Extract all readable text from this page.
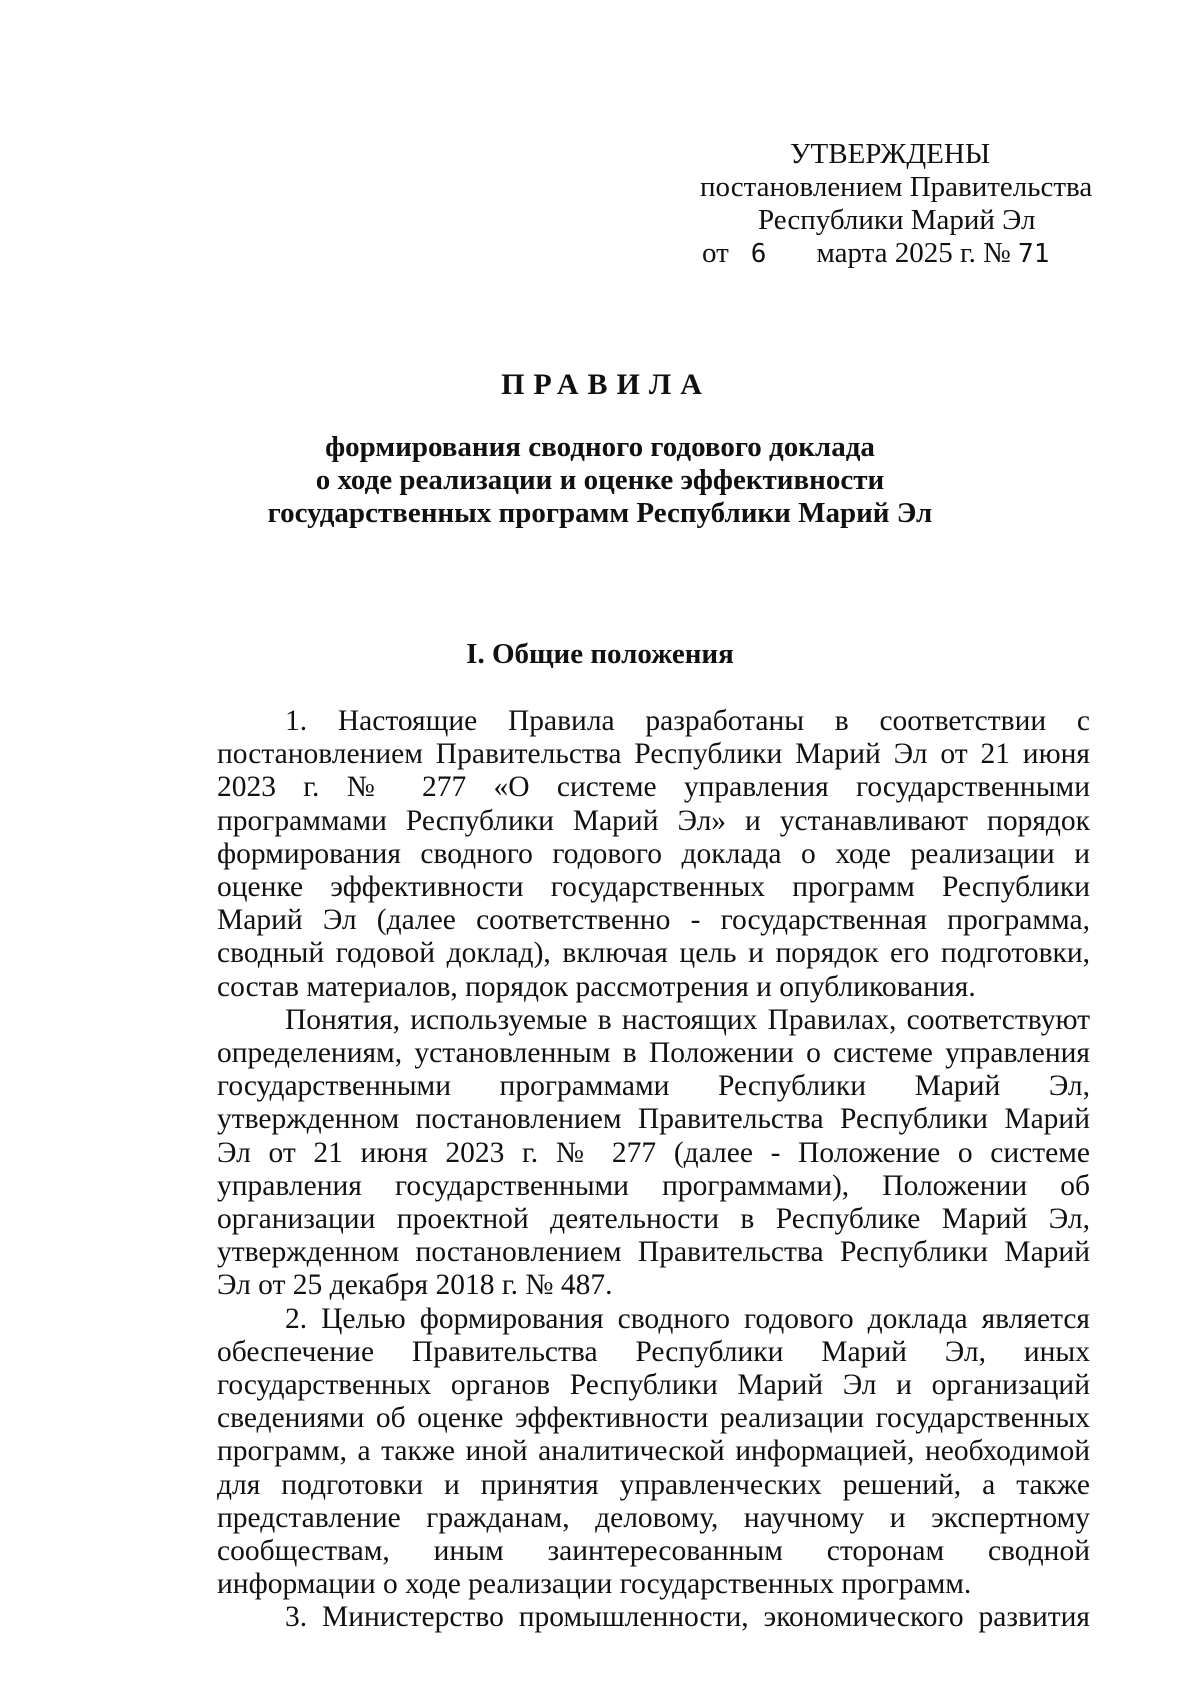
УТВЕРЖДЕНЫ
постановлением Правительства
Республики Марий Эл
от 6 марта 2025 г. № 71
ПРАВИЛА
формирования сводного годового доклада
о ходе реализации и оценке эффективности
государственных программ Республики Марий Эл
I. Общие положения

1. Настоящие Правила разработаны в соответствии с постановлением Правительства Республики Марий Эл от 21 июня 2023 г. № 277 «О системе управления государственными программами Республики Марий Эл» и устанавливают порядок формирования сводного годового доклада о ходе реализации и оценке эффективности государственных программ Республики Марий Эл (далее соответственно - государственная программа, сводный годовой доклад), включая цель и порядок его подготовки, состав материалов, порядок рассмотрения и опубликования.

Понятия, используемые в настоящих Правилах, соответствуют определениям, установленным в Положении о системе управления государственными программами Республики Марий Эл, утвержденном постановлением Правительства Республики Марий Эл от 21 июня 2023 г. № 277 (далее - Положение о системе управления государственными программами), Положении об организации проектной деятельности в Республике Марий Эл, утвержденном постановлением Правительства Республики Марий Эл от 25 декабря 2018 г. № 487.

2. Целью формирования сводного годового доклада является обеспечение Правительства Республики Марий Эл, иных государственных органов Республики Марий Эл и организаций сведениями об оценке эффективности реализации государственных программ, а также иной аналитической информацией, необходимой для подготовки и принятия управленческих решений, а также представление гражданам, деловому, научному и экспертному сообществам, иным заинтересованным сторонам сводной информации о ходе реализации государственных программ.

3. Министерство промышленности, экономического развития
